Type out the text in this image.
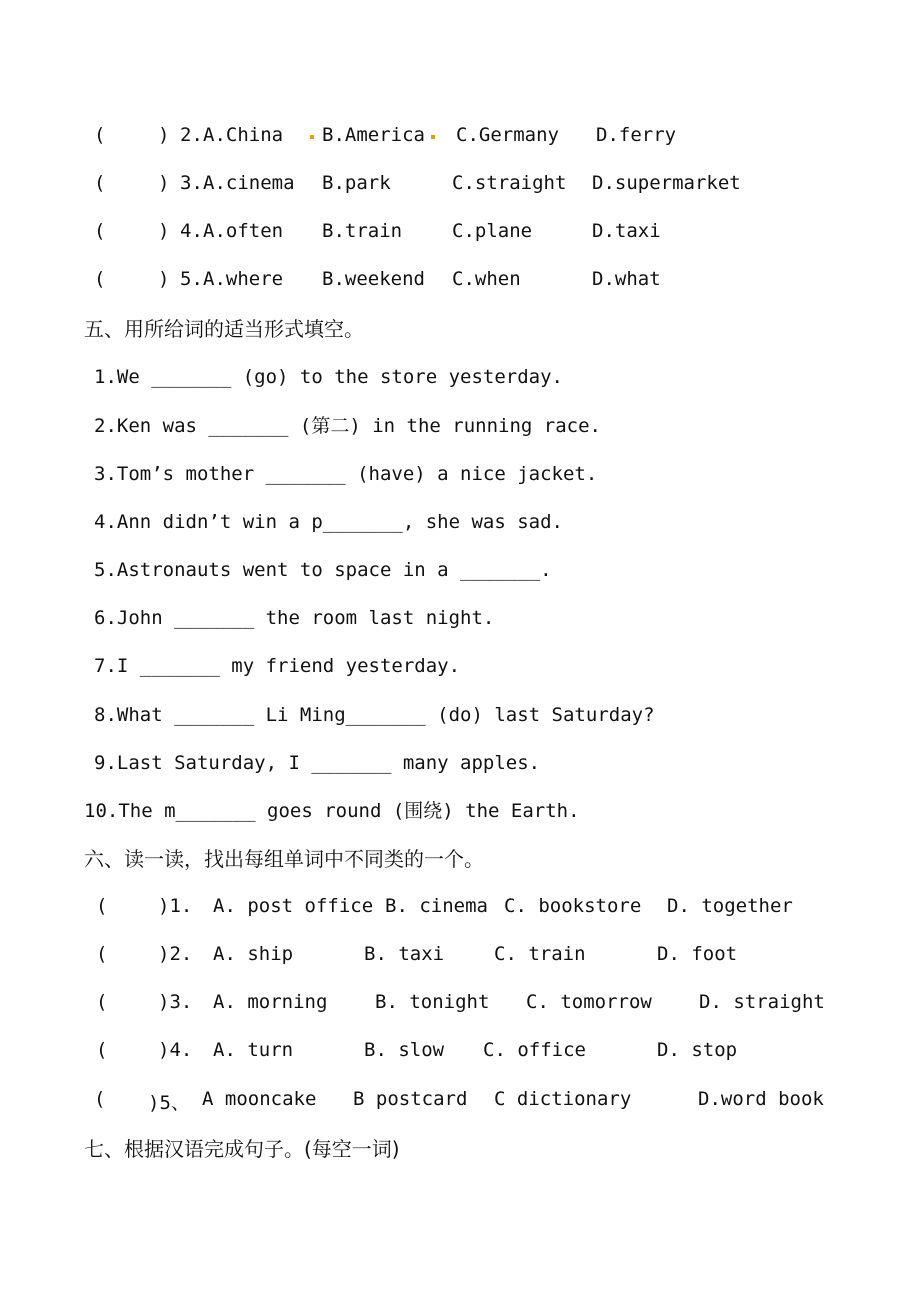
(	) 2. A.China B.America C.Germany D.ferry
(	) 3. A.cinema B.park	C.straight D.supermarket
(	) 4. A.often B.train	C.plane	D.taxi
(	) 5. A.where B.weekend C.when	D.what
五、用所给词的适当形式填空。
1.We _______ (go) to the store yesterday.
2.Ken was _______ (第二) in the running race.
3.Tom’s mother _______ (have) a nice jacket.
4.Ann didn’t win a p_______, she was sad.
5.Astronauts went to space in a _______.
6.John _______ the room last night.
7.I _______ my friend yesterday.
8.What _______ Li Ming_______ (do) last Saturday?
9.Last Saturday, I _______ many apples.
10.The m_______ goes round (围绕) the Earth.
六、读一读，找出每组单词中不同类的一个。
(	)1. A. post office B. cinema C. bookstore D. together
(	)2. A. ship	B. taxi	C. train	D. foot
(	)3. A. morning	B. tonight C. tomorrow D. straight
(	)4. A. turn	B. slow C. office	D. stop
( )5、 A mooncake B postcard C dictionary	D.word book
七、根据汉语完成句子。(每空一词)
